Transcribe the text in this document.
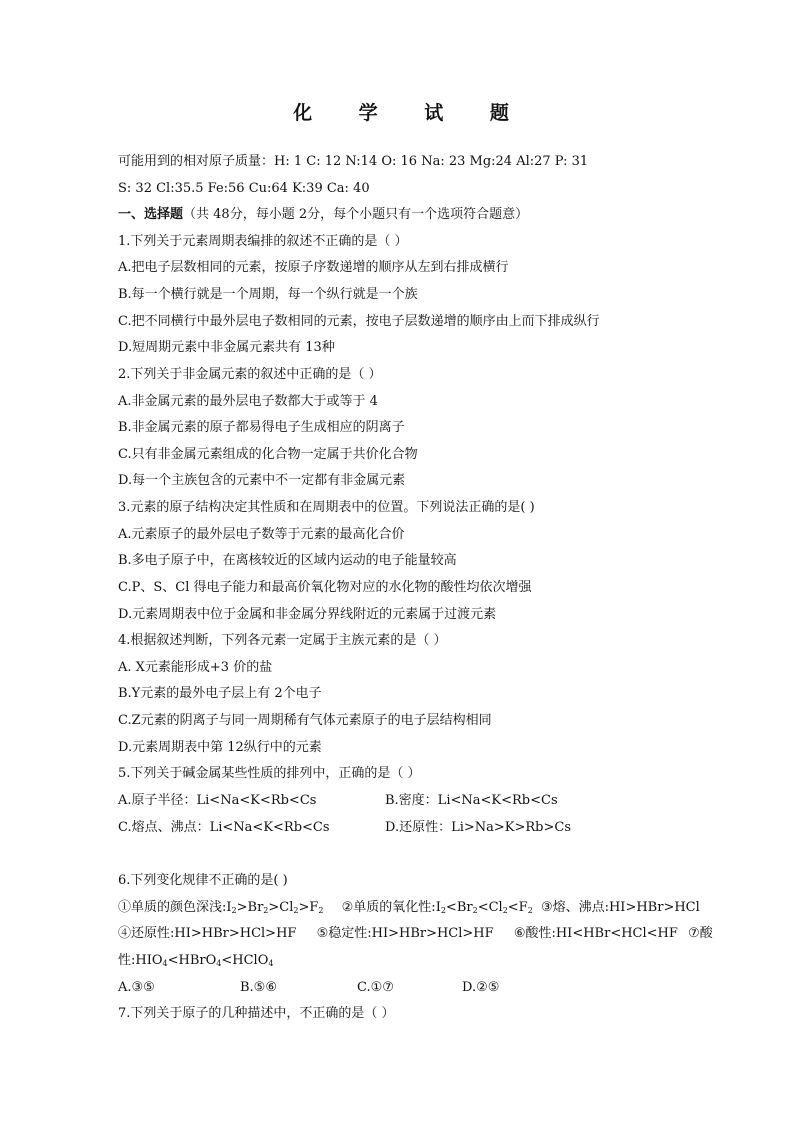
化 学 试 题
可能用到的相对原子质量：H: 1 C: 12 N:14 O: 16 Na: 23 Mg:24 Al:27 P: 31
S: 32 Cl:35.5 Fe:56 Cu:64 K:39 Ca: 40
一、选择题（共 48分，每小题 2分，每个小题只有一个选项符合题意）
1.下列关于元素周期表编排的叙述不正确的是（ ）
A.把电子层数相同的元素，按原子序数递增的顺序从左到右排成横行
B.每一个横行就是一个周期，每一个纵行就是一个族
C.把不同横行中最外层电子数相同的元素，按电子层数递增的顺序由上而下排成纵行
D.短周期元素中非金属元素共有 13种
2.下列关于非金属元素的叙述中正确的是（ ）
A.非金属元素的最外层电子数都大于或等于 4
B.非金属元素的原子都易得电子生成相应的阴离子
C.只有非金属元素组成的化合物一定属于共价化合物
D.每一个主族包含的元素中不一定都有非金属元素
3.元素的原子结构决定其性质和在周期表中的位置。下列说法正确的是( )
A.元素原子的最外层电子数等于元素的最高化合价
B.多电子原子中，在离核较近的区域内运动的电子能量较高
C.P、S、Cl 得电子能力和最高价氧化物对应的水化物的酸性均依次增强
D.元素周期表中位于金属和非金属分界线附近的元素属于过渡元素
4.根据叙述判断，下列各元素一定属于主族元素的是（ ）
A. X元素能形成+3 价的盐
B.Y元素的最外电子层上有 2个电子
C.Z元素的阴离子与同一周期稀有气体元素原子的电子层结构相同
D.元素周期表中第 12纵行中的元素
5.下列关于碱金属某些性质的排列中，正确的是（ ）
A.原子半径：Li<Na<K<Rb<Cs	B.密度：Li<Na<K<Rb<Cs
C.熔点、沸点：Li<Na<K<Rb<Cs	D.还原性：Li>Na>K>Rb>Cs
6.下列变化规律不正确的是( )
①单质的颜色深浅$:I_2>Br_2>Cl_2>F_2$ ②单质的氧化性$:I_2<Br_2<Cl_2<F_2$ ③熔、沸点:HI>HBr>HCl
④还原性:HI>HBr>HCl>HF ⑤稳定性:HI>HBr>HCl>HF ⑥酸性:HI<HBr<HCl<HF ⑦酸
性$:HIO_4<HBrO_4<HClO_4$
A.③⑤	B.⑤⑥	C.①⑦	D.②⑤
7.下列关于原子的几种描述中，不正确的是（ ）
